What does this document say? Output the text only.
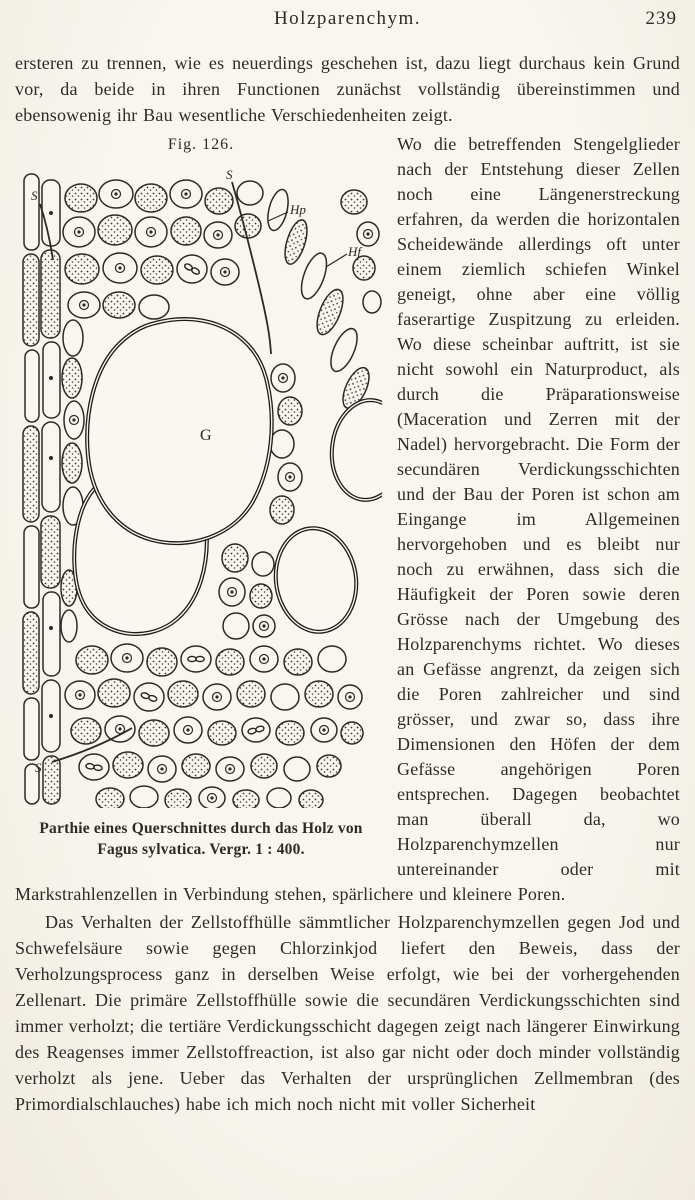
Holzparenchym.	239

ersteren zu trennen, wie es neuerdings geschehen ist, dazu liegt durchaus kein Grund vor, da beide in ihren Functionen zunächst vollständig übereinstimmen und ebensowenig ihr Bau wesentliche Verschiedenheiten zeigt.

Fig. 126.
S
S
Hp
Hf
G
S
Parthie eines Querschnittes durch das Holz von
Fagus sylvatica. Vergr. 1 : 400.

Wo die betreffenden Stengelglieder nach der Entstehung dieser Zellen noch eine Längenerstreckung erfahren, da werden die horizontalen Scheidewände allerdings oft unter einem ziemlich schiefen Winkel geneigt, ohne aber eine völlig faserartige Zuspitzung zu erleiden. Wo diese scheinbar auftritt, ist sie nicht sowohl ein Naturproduct, als durch die Präparationsweise (Maceration und Zerren mit der Nadel) hervorgebracht. Die Form der secundären Verdickungsschichten und der Bau der Poren ist schon am Eingange im Allgemeinen hervorgehoben und es bleibt nur noch zu erwähnen, dass sich die Häufigkeit der Poren sowie deren Grösse nach der Umgebung des Holzparenchyms richtet. Wo dieses an Gefässe angrenzt, da zeigen sich die Poren zahlreicher und sind grösser, und zwar so, dass ihre Dimensionen den Höfen der dem Gefässe angehörigen Poren entsprechen. Dagegen beobachtet man überall da, wo Holzparenchymzellen nur untereinander oder mit Markstrahlenzellen in Verbindung stehen, spärlichere und kleinere Poren.

Das Verhalten der Zellstoffhülle sämmtlicher Holzparenchymzellen gegen Jod und Schwefelsäure sowie gegen Chlorzinkjod liefert den Beweis, dass der Verholzungsprocess ganz in derselben Weise erfolgt, wie bei der vorhergehenden Zellenart. Die primäre Zellstoffhülle sowie die secundären Verdickungsschichten sind immer verholzt; die tertiäre Verdickungsschicht dagegen zeigt nach längerer Einwirkung des Reagenses immer Zellstoffreaction, ist also gar nicht oder doch minder vollständig verholzt als jene. Ueber das Verhalten der ursprünglichen Zellmembran (des Primordialschlauches) habe ich mich noch nicht mit voller Sicherheit
